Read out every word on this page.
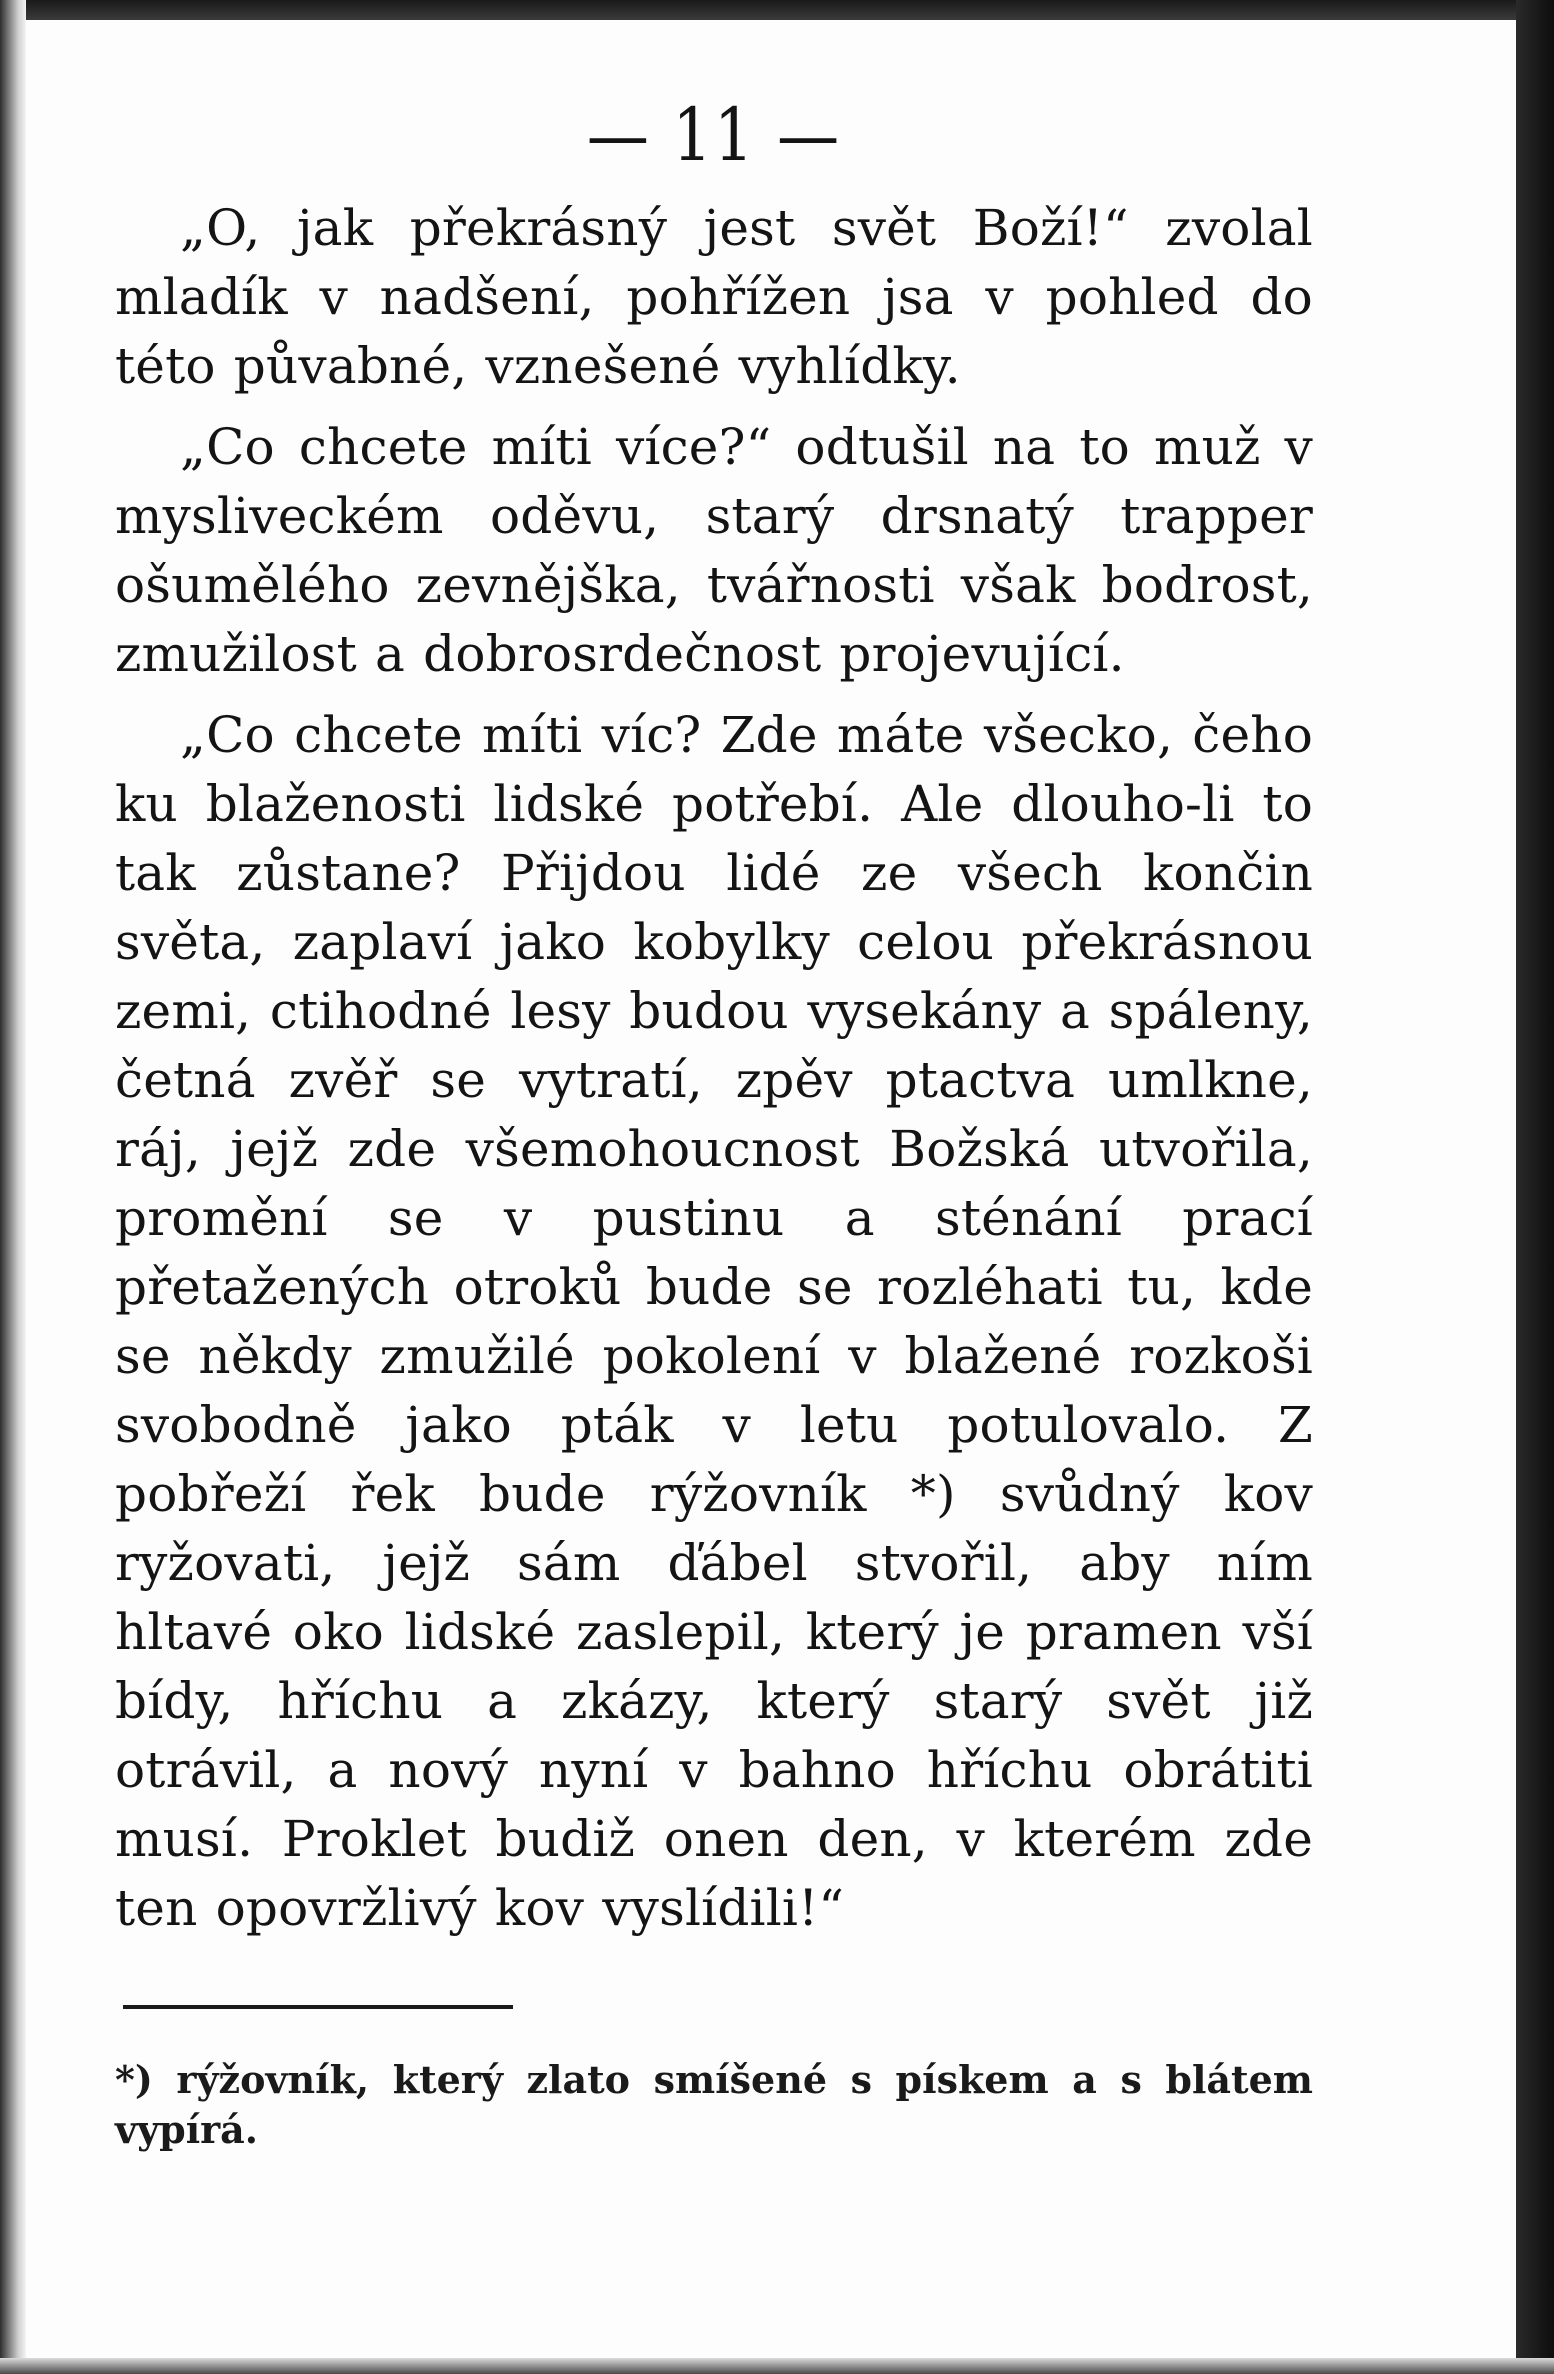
— 11 —

„O, jak překrásný jest svět Boží!“ zvolal mladík v nadšení, pohřížen jsa v pohled do této půvabné, vznešené vyhlídky.

„Co chcete míti více?“ odtušil na to muž v mysliveckém oděvu, starý drsnatý trapper ošumělého zevnějška, tvářnosti však bodrost, zmužilost a dobrosrdečnost projevující.

„Co chcete míti víc? Zde máte všecko, čeho ku blaženosti lidské potřebí. Ale dlouho-li to tak zůstane? Přijdou lidé ze všech končin světa, zaplaví jako kobylky celou překrásnou zemi, ctihodné lesy budou vysekány a spáleny, četná zvěř se vytratí, zpěv ptactva umlkne, ráj, jejž zde všemohoucnost Božská utvořila, promění se v pustinu a sténání prací přetažených otroků bude se rozléhati tu, kde se někdy zmužilé pokolení v blažené rozkoši svobodně jako pták v letu potulovalo. Z pobřeží řek bude rýžovník *) svůdný kov ryžovati, jejž sám ďábel stvořil, aby ním hltavé oko lidské zaslepil, který je pramen vší bídy, hříchu a zkázy, který starý svět již otrávil, a nový nyní v bahno hříchu obrátiti musí. Proklet budiž onen den, v kterém zde ten opovržlivý kov vyslídili!“

*) rýžovník, který zlato smíšené s pískem a s blátem vypírá.
